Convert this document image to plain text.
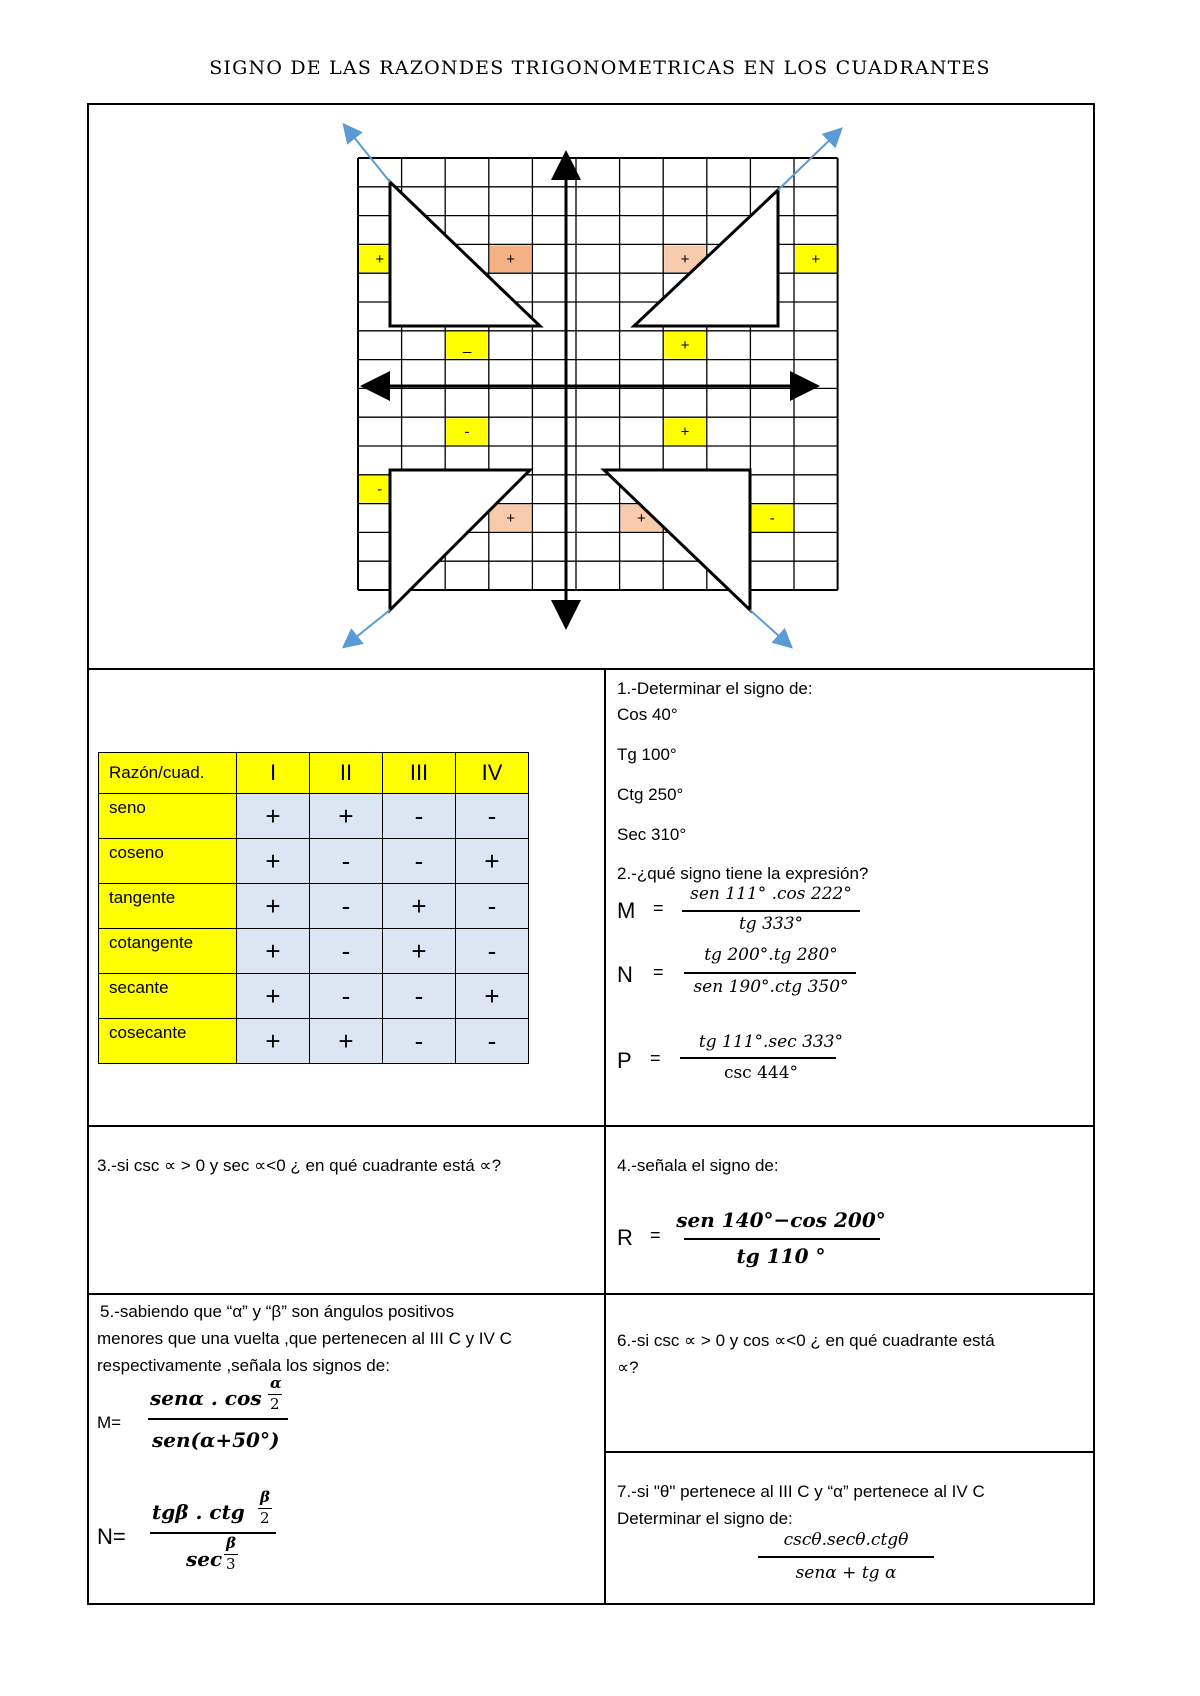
SIGNO DE LAS RAZONDES TRIGONOMETRICAS EN LOS CUADRANTES
+	+
_	+
-	+
-
-
+	+
+	+
Razón/cuad.	I	II	III	IV
seno	+	+	-	-
coseno	+	-	-	+
tangente	+	-	+	-
cotangente	+	-	+	-
secante	+	-	-	+
cosecante	+	+	-	-
1.-Determinar el signo de:
Cos 40°
Tg 100°
Ctg 250°
Sec 310°
2.-¿qué signo tiene la expresión?
M =
sen 111° .cos 222°
tg 333°
N =
tg 200°.tg 280°
sen 190°.ctg 350°
P =
tg 111°.sec 333°
csc 444°
3.-si csc ∝ > 0 y sec ∝<0 ¿ en qué cuadrante está ∝?	4.-señala el signo de:
R =
sen 140°−cos 200°
tg 110 °
5.-sabiendo que “α” y “β” son ángulos positivos
menores que una vuelta ,que pertenecen al III C y IV C
respectivamente ,señala los signos de:
M=
senα . cos
α
2
sen(α+50°)
N=
tgβ . ctg
β
2
sec
β
3
6.-si csc ∝ > 0 y cos ∝<0 ¿ en qué cuadrante está
∝?
7.-si "θ" pertenece al III C y “α” pertenece al IV C
Determinar el signo de:
cscθ.secθ.ctgθ
senα + tg α
